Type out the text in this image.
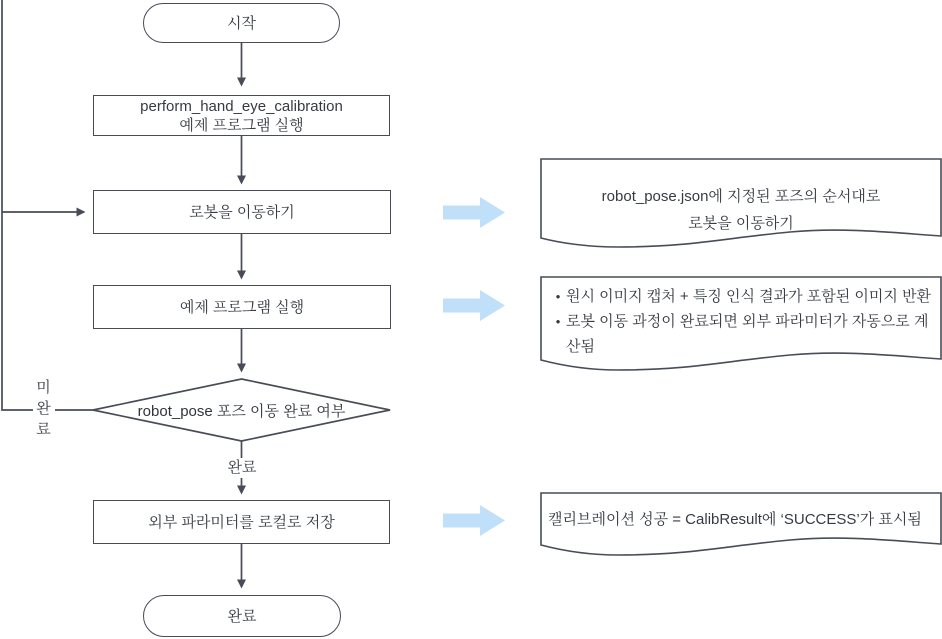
시작
perform_hand_eye_calibration
예제 프로그램 실행
로봇을 이동하기
예제 프로그램 실행
robot_pose 포즈 이동 완료 여부
외부 파라미터를 로컬로 저장
완료
미완료
완료
robot_pose.json에 지정된 포즈의 순서대로
로봇을 이동하기
• 원시 이미지 캡처 + 특징 인식 결과가 포함된 이미지 반환
• 로봇 이동 과정이 완료되면 외부 파라미터가 자동으로 계산됨
캘리브레이션 성공 = CalibResult에 ‘SUCCESS’가 표시됨
